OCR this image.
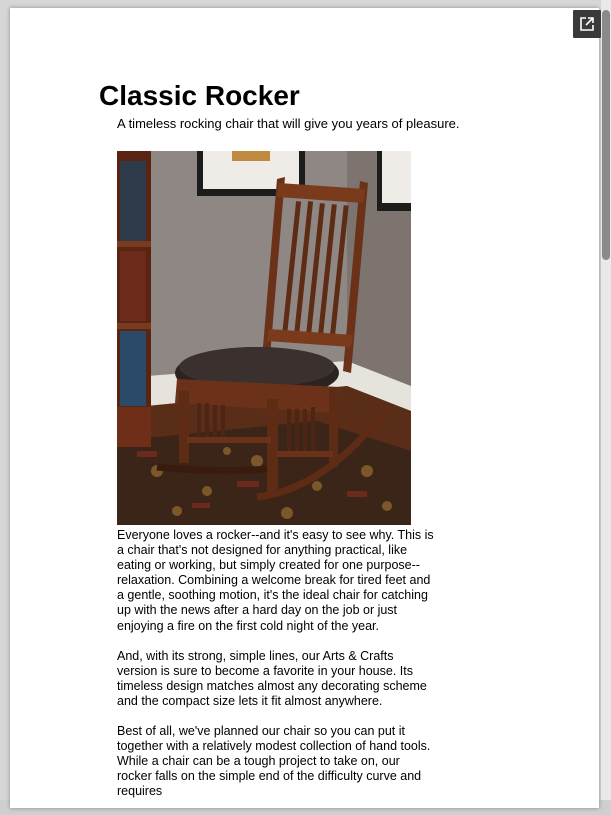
Classic Rocker
A timeless rocking chair that will give you years of pleasure.

Everyone loves a rocker--and it's easy to see why. This is a chair that's not designed for anything practical, like eating or working, but simply created for one purpose--relaxation. Combining a welcome break for tired feet and a gentle, soothing motion, it's the ideal chair for catching up with the news after a hard day on the job or just enjoying a fire on the first cold night of the year.

And, with its strong, simple lines, our Arts & Crafts version is sure to become a favorite in your house. Its timeless design matches almost any decorating scheme and the compact size lets it fit almost anywhere.

Best of all, we've planned our chair so you can put it together with a relatively modest collection of hand tools. While a chair can be a tough project to take on, our rocker falls on the simple end of the difficulty curve and requires
